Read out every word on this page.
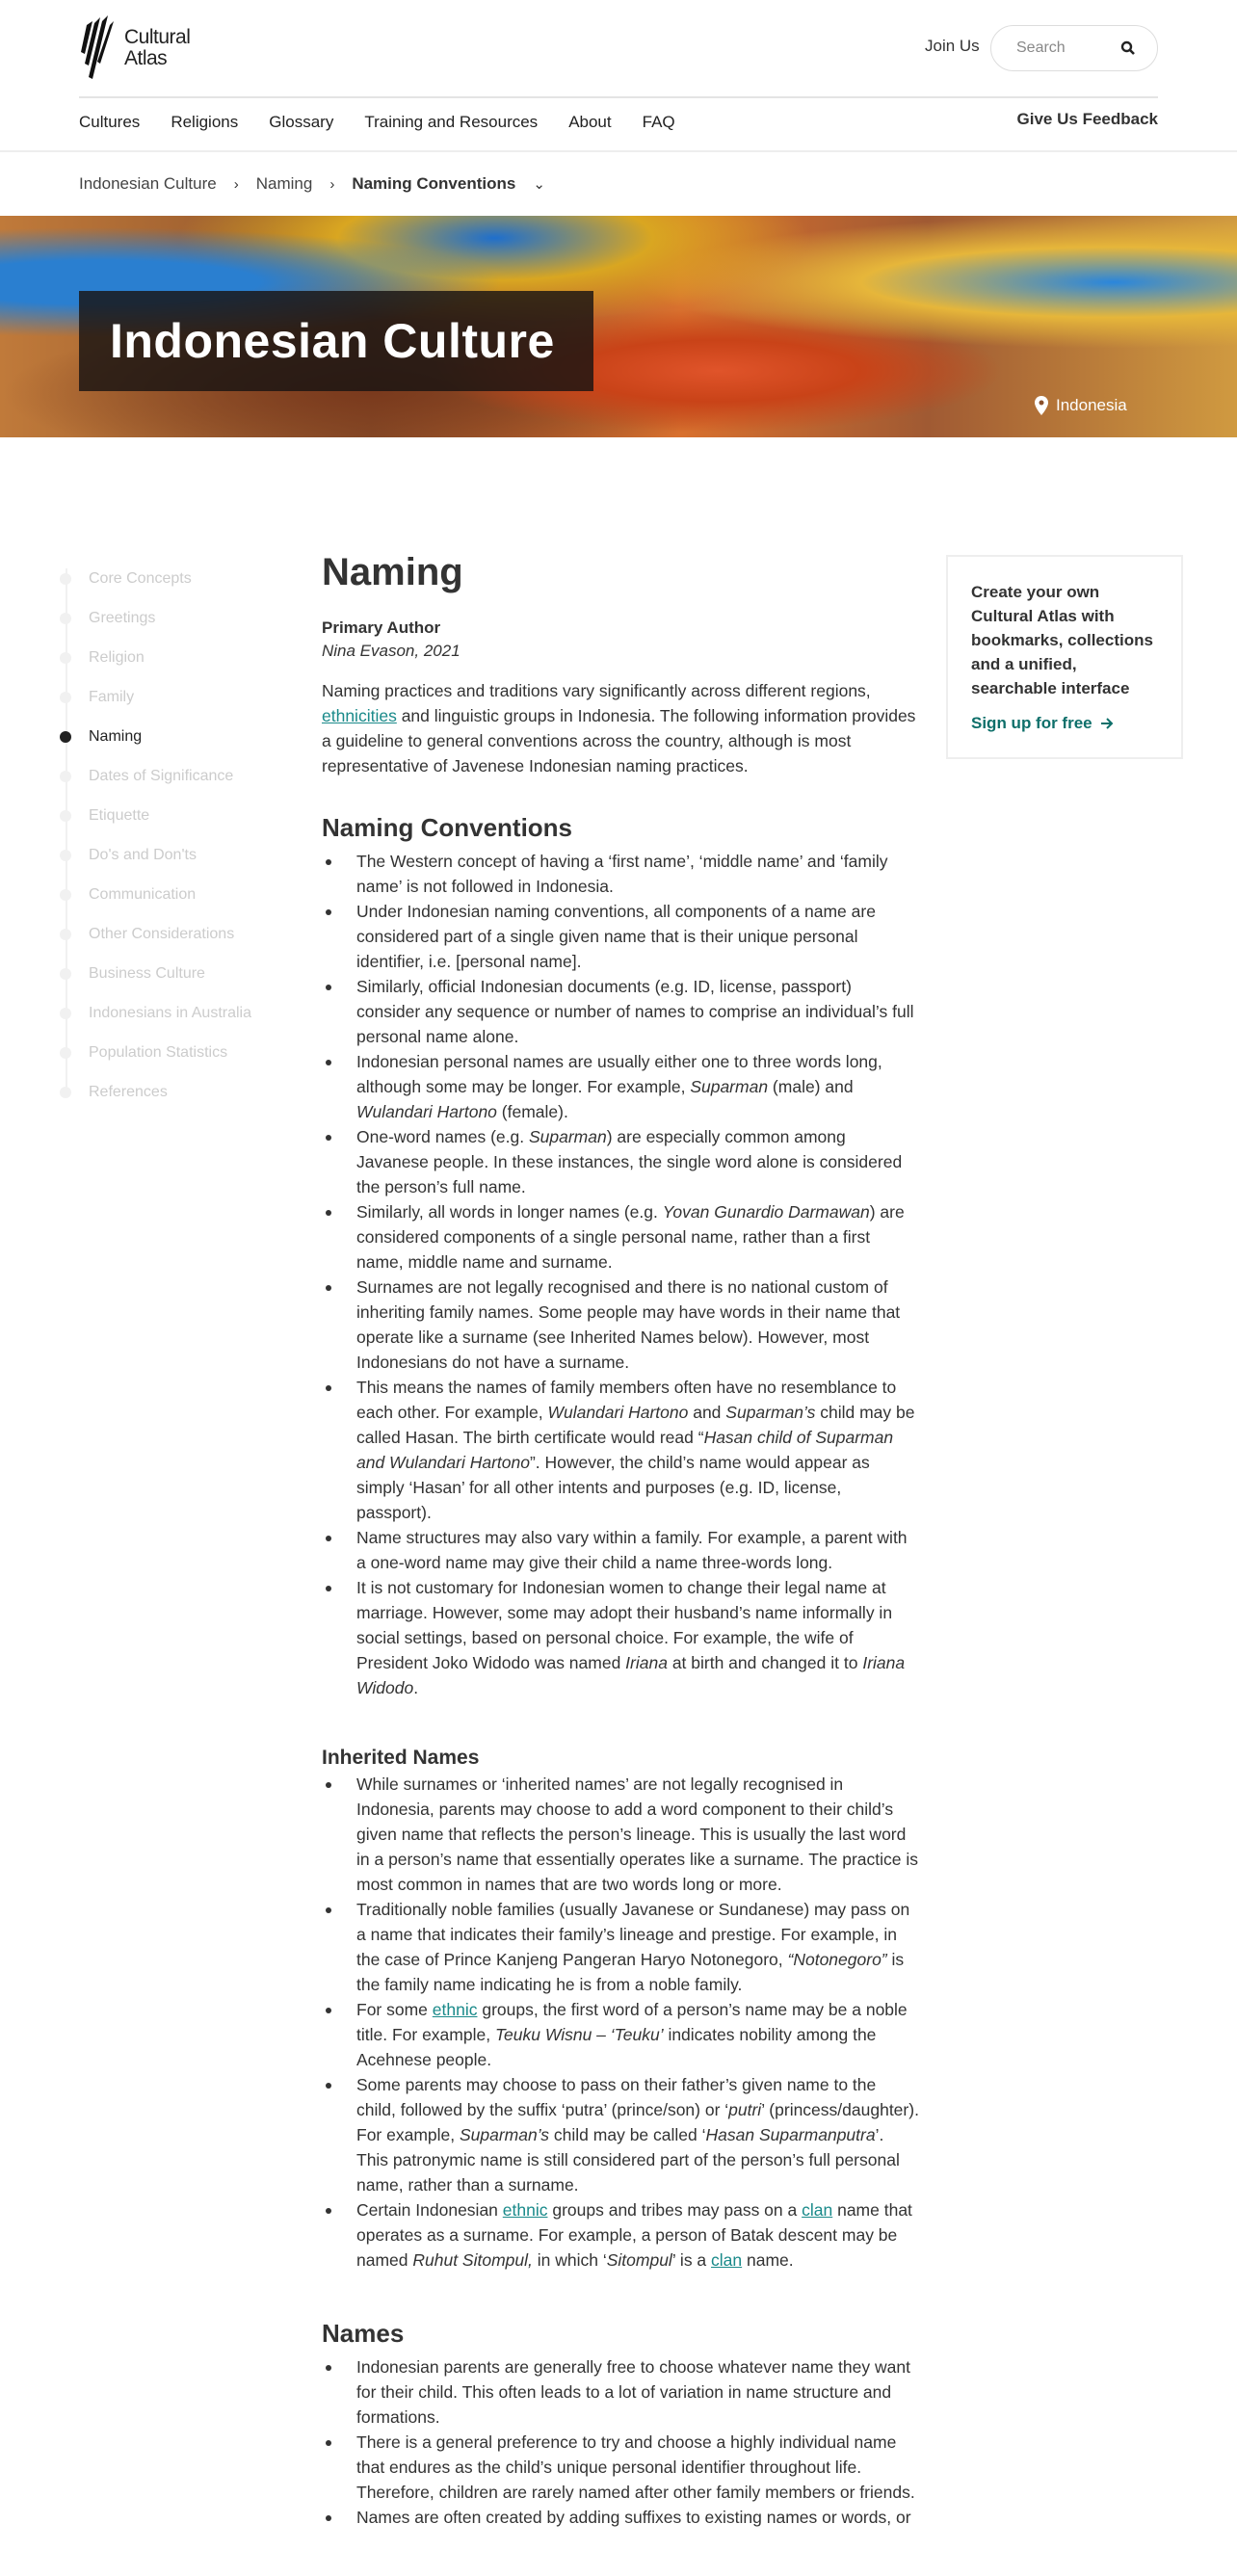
Cultural
Atlas
Join Us
Search
Cultures Religions Glossary Training and Resources About FAQ	Give Us Feedback
Indonesian Culture › Naming › Naming Conventions ⌄
Indonesian Culture
Indonesia
Core Concepts
Greetings
Religion
Family
Naming
Dates of Significance
Etiquette
Do's and Don'ts
Communication
Other Considerations
Business Culture
Indonesians in Australia
Population Statistics
References
Naming
Primary Author
Nina Evason, 2021

Naming practices and traditions vary significantly across different regions, ethnicities and linguistic groups in Indonesia. The following information provides a guideline to general conventions across the country, although is most representative of Javenese Indonesian naming practices.

Naming Conventions
The Western concept of having a ‘first name’, ‘middle name’ and ‘family name’ is not followed in Indonesia.
Under Indonesian naming conventions, all components of a name are considered part of a single given name that is their unique personal identifier, i.e. [personal name].
Similarly, official Indonesian documents (e.g. ID, license, passport) consider any sequence or number of names to comprise an individual’s full personal name alone.
Indonesian personal names are usually either one to three words long, although some may be longer. For example, Suparman (male) and Wulandari Hartono (female).
One-word names (e.g. Suparman) are especially common among Javanese people. In these instances, the single word alone is considered the person’s full name.
Similarly, all words in longer names (e.g. Yovan Gunardio Darmawan) are considered components of a single personal name, rather than a first name, middle name and surname.
Surnames are not legally recognised and there is no national custom of inheriting family names. Some people may have words in their name that operate like a surname (see Inherited Names below). However, most Indonesians do not have a surname.
This means the names of family members often have no resemblance to each other. For example, Wulandari Hartono and Suparman’s child may be called Hasan. The birth certificate would read “Hasan child of Suparman and Wulandari Hartono”. However, the child’s name would appear as simply ‘Hasan’ for all other intents and purposes (e.g. ID, license, passport).
Name structures may also vary within a family. For example, a parent with a one-word name may give their child a name three-words long.
It is not customary for Indonesian women to change their legal name at marriage. However, some may adopt their husband’s name informally in social settings, based on personal choice. For example, the wife of President Joko Widodo was named Iriana at birth and changed it to Iriana Widodo.
Inherited Names
While surnames or ‘inherited names’ are not legally recognised in Indonesia, parents may choose to add a word component to their child’s given name that reflects the person’s lineage. This is usually the last word in a person’s name that essentially operates like a surname. The practice is most common in names that are two words long or more.
Traditionally noble families (usually Javanese or Sundanese) may pass on a name that indicates their family’s lineage and prestige. For example, in the case of Prince Kanjeng Pangeran Haryo Notonegoro, “Notonegoro” is the family name indicating he is from a noble family.
For some ethnic groups, the first word of a person’s name may be a noble title. For example, Teuku Wisnu – ‘Teuku’ indicates nobility among the Acehnese people.
Some parents may choose to pass on their father’s given name to the child, followed by the suffix ‘putra’ (prince/son) or ‘putri’ (princess/daughter). For example, Suparman’s child may be called ‘Hasan Suparmanputra’. This patronymic name is still considered part of the person’s full personal name, rather than a surname.
Certain Indonesian ethnic groups and tribes may pass on a clan name that operates as a surname. For example, a person of Batak descent may be named Ruhut Sitompul, in which ‘Sitompul’ is a clan name.
Names
Indonesian parents are generally free to choose whatever name they want for their child. This often leads to a lot of variation in name structure and formations.
There is a general preference to try and choose a highly individual name that endures as the child’s unique personal identifier throughout life. Therefore, children are rarely named after other family members or friends.
Names are often created by adding suffixes to existing names or words, or
Create your own Cultural Atlas with bookmarks, collections and a unified, searchable interface
Sign up for free
